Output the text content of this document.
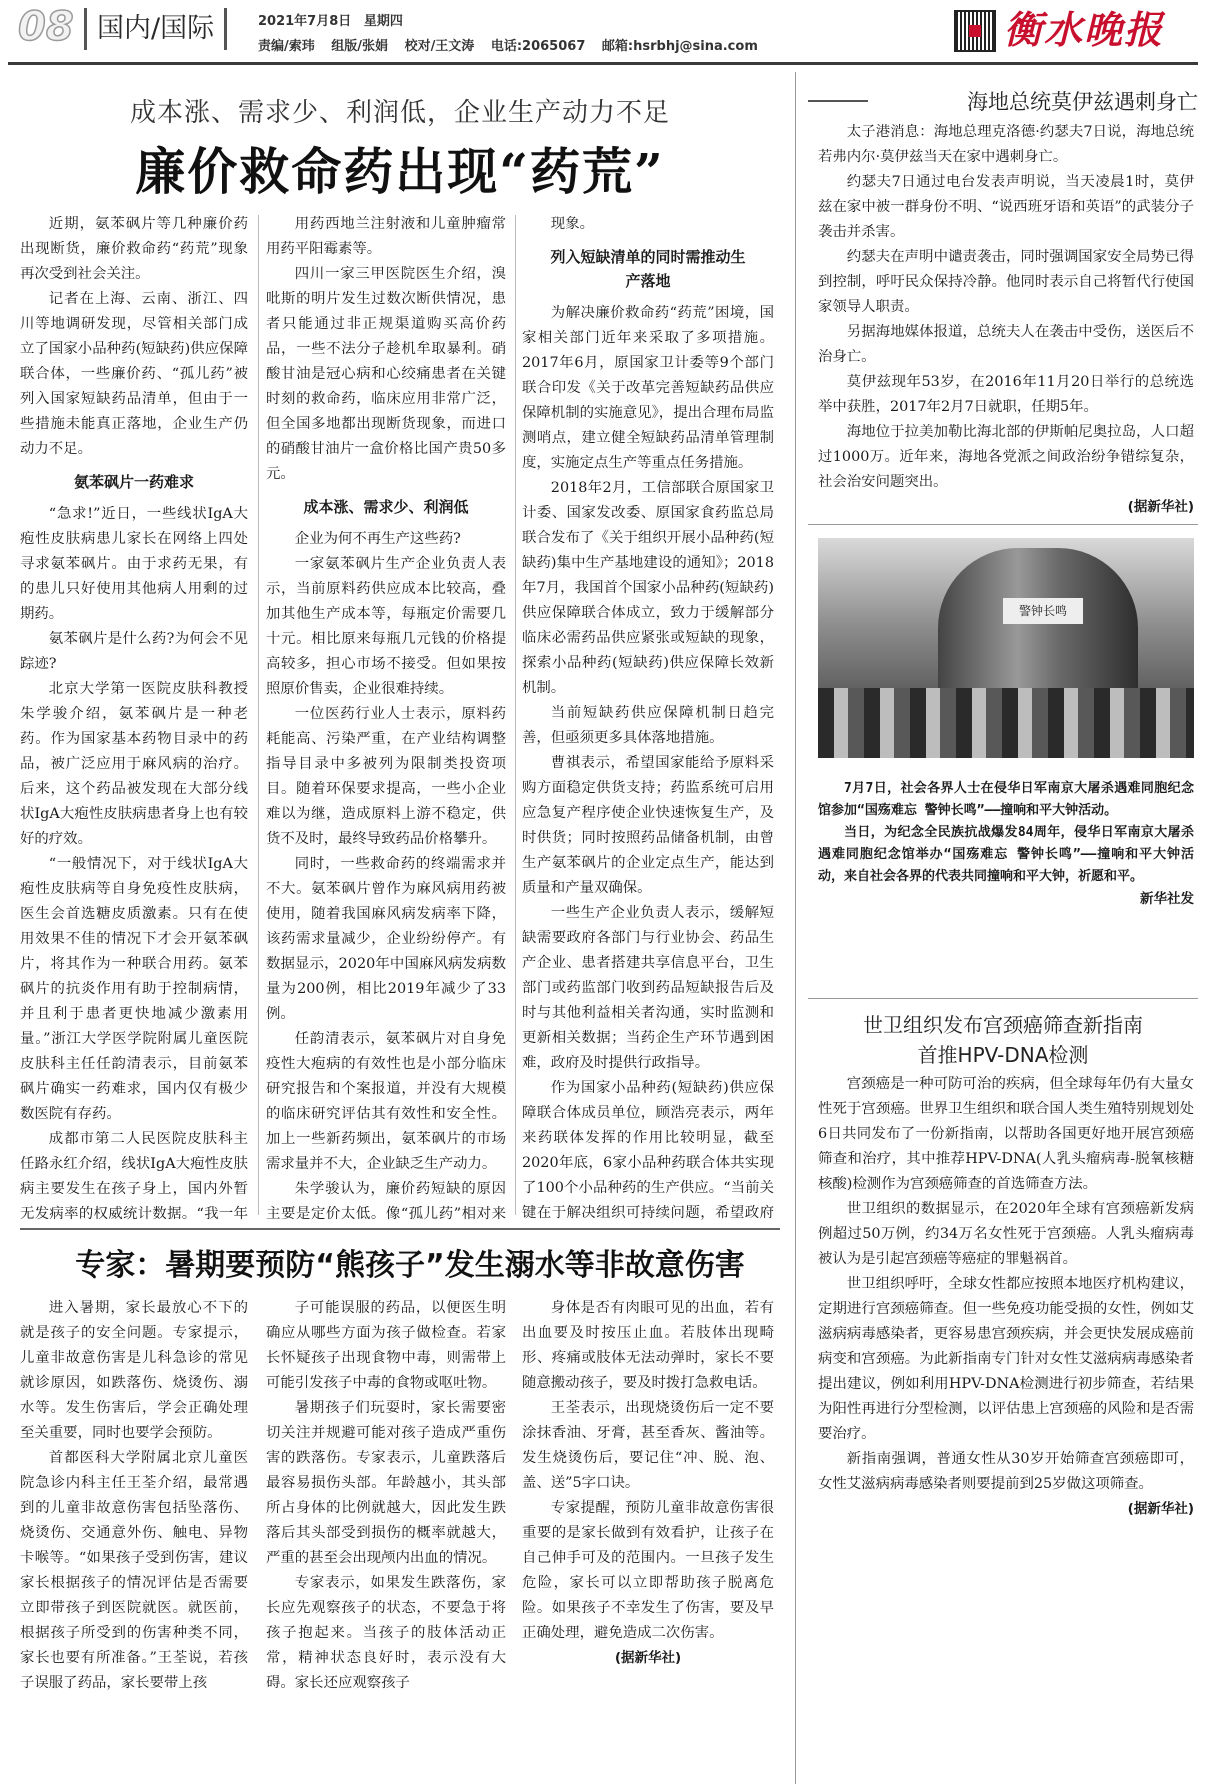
08 国内/国际	2021年7月8日 星期四
责编/索玮 组版/张娟 校对/王文涛 电话:2065067 邮箱:hsrbhj@sina.com	衡水晚报
成本涨、需求少、利润低，企业生产动力不足
廉价救命药出现“药荒”

近期，氨苯砜片等几种廉价药出现断货，廉价救命药“药荒”现象再次受到社会关注。

记者在上海、云南、浙江、四川等地调研发现，尽管相关部门成立了国家小品种药(短缺药)供应保障联合体，一些廉价药、“孤儿药”被列入国家短缺药品清单，但由于一些措施未能真正落地，企业生产仍动力不足。

氨苯砜片一药难求

“急求!”近日，一些线状IgA大疱性皮肤病患儿家长在网络上四处寻求氨苯砜片。由于求药无果，有的患儿只好使用其他病人用剩的过期药。

氨苯砜片是什么药?为何会不见踪迹?

北京大学第一医院皮肤科教授朱学骏介绍，氨苯砜片是一种老药。作为国家基本药物目录中的药品，被广泛应用于麻风病的治疗。后来，这个药品被发现在大部分线状IgA大疱性皮肤病患者身上也有较好的疗效。

“一般情况下，对于线状IgA大疱性皮肤病等自身免疫性皮肤病，医生会首选糖皮质激素。只有在使用效果不佳的情况下才会开氨苯砜片，将其作为一种联合用药。氨苯砜片的抗炎作用有助于控制病情，并且利于患者更快地减少激素用量。”浙江大学医学院附属儿童医院皮肤科主任任韵清表示，目前氨苯砜片确实一药难求，国内仅有极少数医院有存药。

成都市第二人民医院皮肤科主任路永红介绍，线状IgA大疱性皮肤病主要发生在孩子身上，国内外暂无发病率的权威统计数据。“我一年

用药西地兰注射液和儿童肿瘤常用药平阳霉素等。

四川一家三甲医院医生介绍，溴吡斯的明片发生过数次断供情况，患者只能通过非正规渠道购买高价药品，一些不法分子趁机牟取暴利。硝酸甘油是冠心病和心绞痛患者在关键时刻的救命药，临床应用非常广泛，但全国多地都出现断货现象，而进口的硝酸甘油片一盒价格比国产贵50多元。

成本涨、需求少、利润低

企业为何不再生产这些药?

一家氨苯砜片生产企业负责人表示，当前原料药供应成本比较高，叠加其他生产成本等，每瓶定价需要几十元。相比原来每瓶几元钱的价格提高较多，担心市场不接受。但如果按照原价售卖，企业很难持续。

一位医药行业人士表示，原料药耗能高、污染严重，在产业结构调整指导目录中多被列为限制类投资项目。随着环保要求提高，一些小企业难以为继，造成原料上游不稳定，供货不及时，最终导致药品价格攀升。

同时，一些救命药的终端需求并不大。氨苯砜片曾作为麻风病用药被使用，随着我国麻风病发病率下降，该药需求量减少，企业纷纷停产。有数据显示，2020年中国麻风病发病数量为200例，相比2019年减少了33例。

任韵清表示，氨苯砜片对自身免疫性大疱病的有效性也是小部分临床研究报告和个案报道，并没有大规模的临床研究评估其有效性和安全性。加上一些新药频出，氨苯砜片的市场需求量并不大，企业缺乏生产动力。

朱学骏认为，廉价药短缺的原因主要是定价太低。像“孤儿药”相对来

现象。

列入短缺清单的同时需推动生产落地

为解决廉价救命药“药荒”困境，国家相关部门近年来采取了多项措施。2017年6月，原国家卫计委等9个部门联合印发《关于改革完善短缺药品供应保障机制的实施意见》，提出合理布局监测哨点，建立健全短缺药品清单管理制度，实施定点生产等重点任务措施。

2018年2月，工信部联合原国家卫计委、国家发改委、原国家食药监总局联合发布了《关于组织开展小品种药(短缺药)集中生产基地建设的通知》；2018年7月，我国首个国家小品种药(短缺药)供应保障联合体成立，致力于缓解部分临床必需药品供应紧张或短缺的现象，探索小品种药(短缺药)供应保障长效新机制。

当前短缺药供应保障机制日趋完善，但亟须更多具体落地措施。

曹祺表示，希望国家能给予原料采购方面稳定供货支持；药监系统可启用应急复产程序使企业快速恢复生产，及时供货；同时按照药品储备机制，由曾生产氨苯砜片的企业定点生产，能达到质量和产量双确保。

一些生产企业负责人表示，缓解短缺需要政府各部门与行业协会、药品生产企业、患者搭建共享信息平台，卫生部门或药监部门收到药品短缺报告后及时与其他利益相关者沟通，实时监测和更新相关数据；当药企生产环节遇到困难，政府及时提供行政指导。

作为国家小品种药(短缺药)供应保障联合体成员单位，顾浩亮表示，两年来药联体发挥的作用比较明显，截至2020年底，6家小品种药联合体共实现了100个小品种药的生产供应。“当前关键在于解决组织可持续问题，希望政府

专家：暑期要预防“熊孩子”发生溺水等非故意伤害

进入暑期，家长最放心不下的就是孩子的安全问题。专家提示，儿童非故意伤害是儿科急诊的常见就诊原因，如跌落伤、烧烫伤、溺水等。发生伤害后，学会正确处理至关重要，同时也要学会预防。

首都医科大学附属北京儿童医院急诊内科主任王荃介绍，最常遇到的儿童非故意伤害包括坠落伤、烧烫伤、交通意外伤、触电、异物卡喉等。“如果孩子受到伤害，建议家长根据孩子的情况评估是否需要立即带孩子到医院就医。就医前，根据孩子所受到的伤害种类不同，家长也要有所准备。”王荃说，若孩子误服了药品，家长要带上孩

子可能误服的药品，以便医生明确应从哪些方面为孩子做检查。若家长怀疑孩子出现食物中毒，则需带上可能引发孩子中毒的食物或呕吐物。

暑期孩子们玩耍时，家长需要密切关注并规避可能对孩子造成严重伤害的跌落伤。专家表示，儿童跌落后最容易损伤头部。年龄越小，其头部所占身体的比例就越大，因此发生跌落后其头部受到损伤的概率就越大，严重的甚至会出现颅内出血的情况。

专家表示，如果发生跌落伤，家长应先观察孩子的状态，不要急于将孩子抱起来。当孩子的肢体活动正常，精神状态良好时，表示没有大碍。家长还应观察孩子

身体是否有肉眼可见的出血，若有出血要及时按压止血。若肢体出现畸形、疼痛或肢体无法动弹时，家长不要随意搬动孩子，要及时拨打急救电话。

王荃表示，出现烧烫伤后一定不要涂抹香油、牙膏，甚至香灰、酱油等。发生烧烫伤后，要记住“冲、脱、泡、盖、送”5字口诀。

专家提醒，预防儿童非故意伤害很重要的是家长做到有效看护，让孩子在自己伸手可及的范围内。一旦孩子发生危险，家长可以立即帮助孩子脱离危险。如果孩子不幸发生了伤害，要及早正确处理，避免造成二次伤害。

(据新华社)
海地总统莫伊兹遇刺身亡

太子港消息：海地总理克洛德·约瑟夫7日说，海地总统若弗内尔·莫伊兹当天在家中遇刺身亡。

约瑟夫7日通过电台发表声明说，当天凌晨1时，莫伊兹在家中被一群身份不明、“说西班牙语和英语”的武装分子袭击并杀害。

约瑟夫在声明中谴责袭击，同时强调国家安全局势已得到控制，呼吁民众保持冷静。他同时表示自己将暂代行使国家领导人职责。

另据海地媒体报道，总统夫人在袭击中受伤，送医后不治身亡。

莫伊兹现年53岁，在2016年11月20日举行的总统选举中获胜，2017年2月7日就职，任期5年。

海地位于拉美加勒比海北部的伊斯帕尼奥拉岛，人口超过1000万。近年来，海地各党派之间政治纷争错综复杂，社会治安问题突出。

(据新华社)
警钟长鸣

7月7日，社会各界人士在侵华日军南京大屠杀遇难同胞纪念馆参加“国殇难忘 警钟长鸣”——撞响和平大钟活动。

当日，为纪念全民族抗战爆发84周年，侵华日军南京大屠杀遇难同胞纪念馆举办“国殇难忘 警钟长鸣”——撞响和平大钟活动，来自社会各界的代表共同撞响和平大钟，祈愿和平。

新华社发
世卫组织发布宫颈癌筛查新指南
首推HPV-DNA检测

宫颈癌是一种可防可治的疾病，但全球每年仍有大量女性死于宫颈癌。世界卫生组织和联合国人类生殖特别规划处6日共同发布了一份新指南，以帮助各国更好地开展宫颈癌筛查和治疗，其中推荐HPV-DNA(人乳头瘤病毒-脱氧核糖核酸)检测作为宫颈癌筛查的首选筛查方法。

世卫组织的数据显示，在2020年全球有宫颈癌新发病例超过50万例，约34万名女性死于宫颈癌。人乳头瘤病毒被认为是引起宫颈癌等癌症的罪魁祸首。

世卫组织呼吁，全球女性都应按照本地医疗机构建议，定期进行宫颈癌筛查。但一些免疫功能受损的女性，例如艾滋病病毒感染者，更容易患宫颈疾病，并会更快发展成癌前病变和宫颈癌。为此新指南专门针对女性艾滋病病毒感染者提出建议，例如利用HPV-DNA检测进行初步筛查，若结果为阳性再进行分型检测，以评估患上宫颈癌的风险和是否需要治疗。

新指南强调，普通女性从30岁开始筛查宫颈癌即可，女性艾滋病病毒感染者则要提前到25岁做这项筛查。

(据新华社)
